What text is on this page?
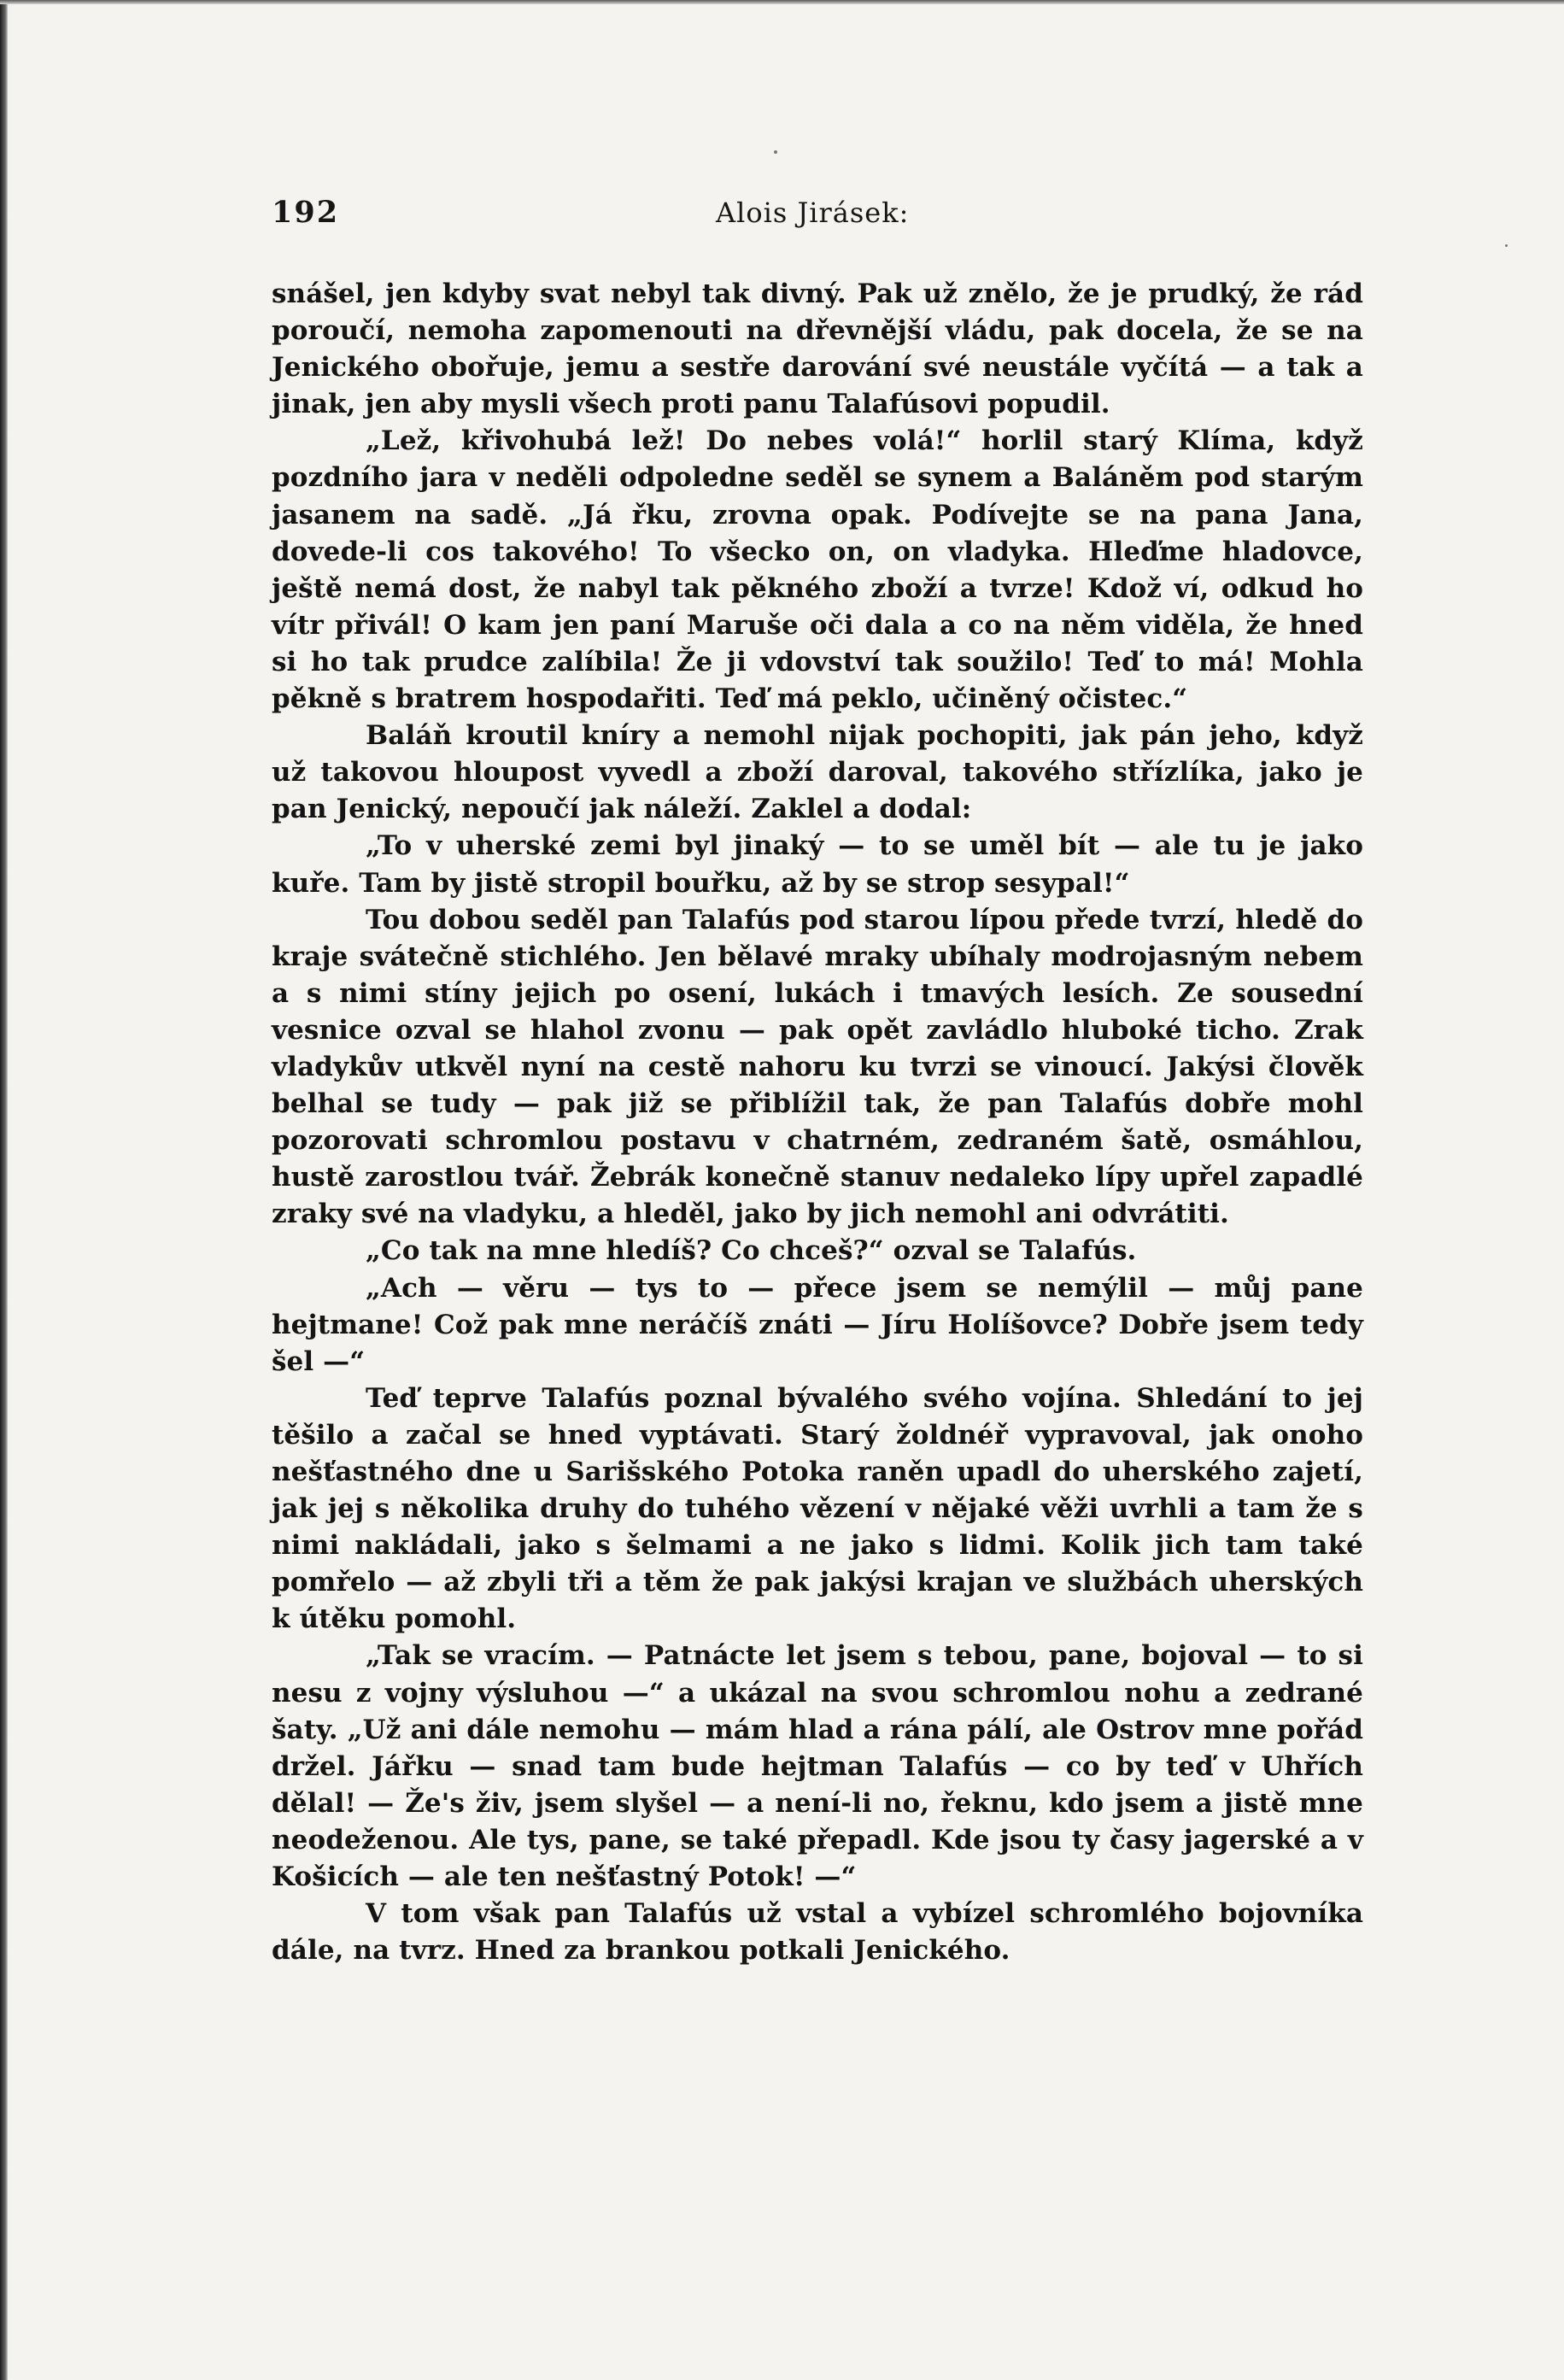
192	Alois Jirásek:

snášel, jen kdyby svat nebyl tak divný. Pak už znělo, že je prudký, že rád poroučí, nemoha zapomenouti na dřevnější vládu, pak docela, že se na Jenického obořuje, jemu a sestře darování své neustále vyčítá — a tak a jinak, jen aby mysli všech proti panu Talafúsovi popudil.

„Lež, křivohubá lež! Do nebes volá!“ horlil starý Klíma, když pozdního jara v neděli odpoledne seděl se synem a Baláněm pod starým jasanem na sadě. „Já řku, zrovna opak. Podívejte se na pana Jana, dovede-li cos takového! To všecko on, on vladyka. Hleďme hladovce, ještě nemá dost, že nabyl tak pěkného zboží a tvrze! Kdož ví, odkud ho vítr přivál! O kam jen paní Maruše oči dala a co na něm viděla, že hned si ho tak prudce zalíbila! Že ji vdovství tak soužilo! Teď to má! Mohla pěkně s bratrem hospodařiti. Teď má peklo, učiněný očistec.“

Baláň kroutil kníry a nemohl nijak pochopiti, jak pán jeho, když už takovou hloupost vyvedl a zboží daroval, takového střízlíka, jako je pan Jenický, nepoučí jak náleží. Zaklel a dodal:

„To v uherské zemi byl jinaký — to se uměl bít — ale tu je jako kuře. Tam by jistě stropil bouřku, až by se strop sesypal!“

Tou dobou seděl pan Talafús pod starou lípou přede tvrzí, hledě do kraje svátečně stichlého. Jen bělavé mraky ubíhaly modrojasným nebem a s nimi stíny jejich po osení, lukách i tmavých lesích. Ze sousední vesnice ozval se hlahol zvonu — pak opět zavládlo hluboké ticho. Zrak vladykův utkvěl nyní na cestě nahoru ku tvrzi se vinoucí. Jakýsi člověk belhal se tudy — pak již se přiblížil tak, že pan Talafús dobře mohl pozorovati schromlou postavu v chatrném, zedraném šatě, osmáhlou, hustě zarostlou tvář. Žebrák konečně stanuv nedaleko lípy upřel zapadlé zraky své na vladyku, a hleděl, jako by jich nemohl ani odvrátiti.

„Co tak na mne hledíš? Co chceš?“ ozval se Talafús.

„Ach — věru — tys to — přece jsem se nemýlil — můj pane hejtmane! Což pak mne neráčíš znáti — Jíru Holíšovce? Dobře jsem tedy šel —“

Teď teprve Talafús poznal bývalého svého vojína. Shledání to jej těšilo a začal se hned vyptávati. Starý žoldnéř vypravoval, jak onoho nešťastného dne u Sarišského Potoka raněn upadl do uherského zajetí, jak jej s několika druhy do tuhého vězení v nějaké věži uvrhli a tam že s nimi nakládali, jako s šelmami a ne jako s lidmi. Kolik jich tam také pomřelo — až zbyli tři a těm že pak jakýsi krajan ve službách uherských k útěku pomohl.

„Tak se vracím. — Patnácte let jsem s tebou, pane, bojoval — to si nesu z vojny výsluhou —“ a ukázal na svou schromlou nohu a zedrané šaty. „Už ani dále nemohu — mám hlad a rána pálí, ale Ostrov mne pořád držel. Jářku — snad tam bude hejtman Talafús — co by teď v Uhřích dělal! — Že's živ, jsem slyšel — a není-li no, řeknu, kdo jsem a jistě mne neodeženou. Ale tys, pane, se také přepadl. Kde jsou ty časy jagerské a v Košicích — ale ten nešťastný Potok! —“

V tom však pan Talafús už vstal a vybízel schromlého bojovníka dále, na tvrz. Hned za brankou potkali Jenického.
